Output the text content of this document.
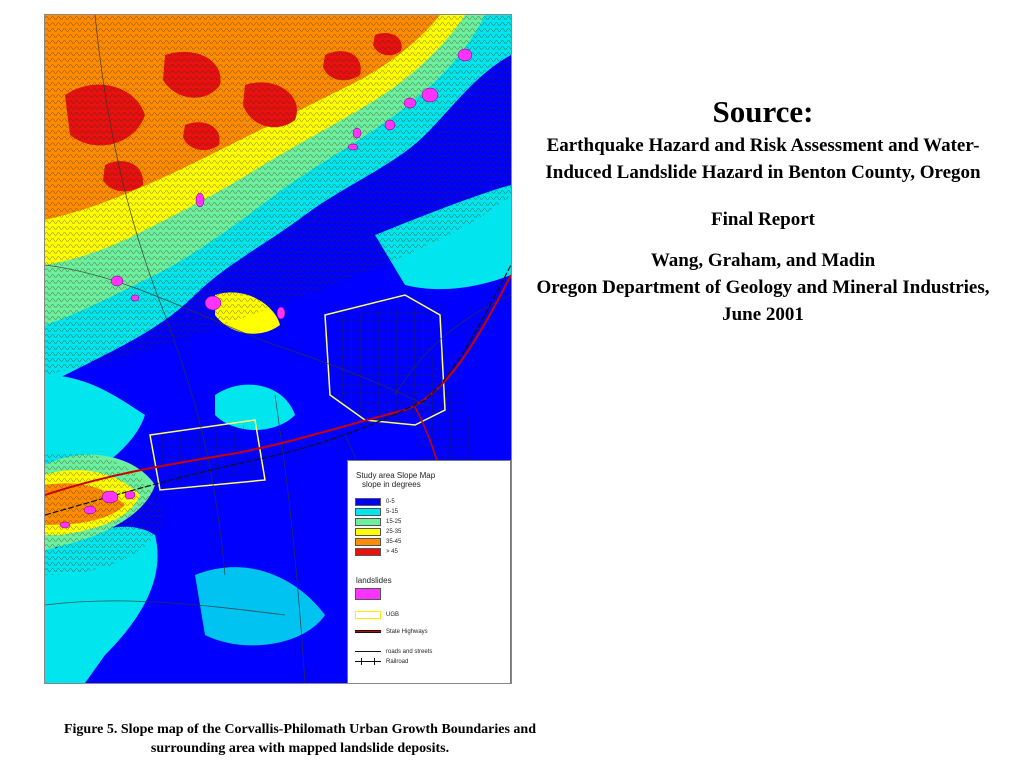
Study area Slope Map
slope in degrees
0-5
5-15
15-25
25-35
35-45
> 45
landslides
UGB
State Highways
roads and streets
Railroad
Source:
Earthquake Hazard and Risk Assessment and Water-Induced Landslide Hazard in Benton County, Oregon
Final Report
Wang, Graham, and Madin
Oregon Department of Geology and Mineral Industries, June 2001
Figure 5. Slope map of the Corvallis-Philomath Urban Growth Boundaries and
surrounding area with mapped landslide deposits.
